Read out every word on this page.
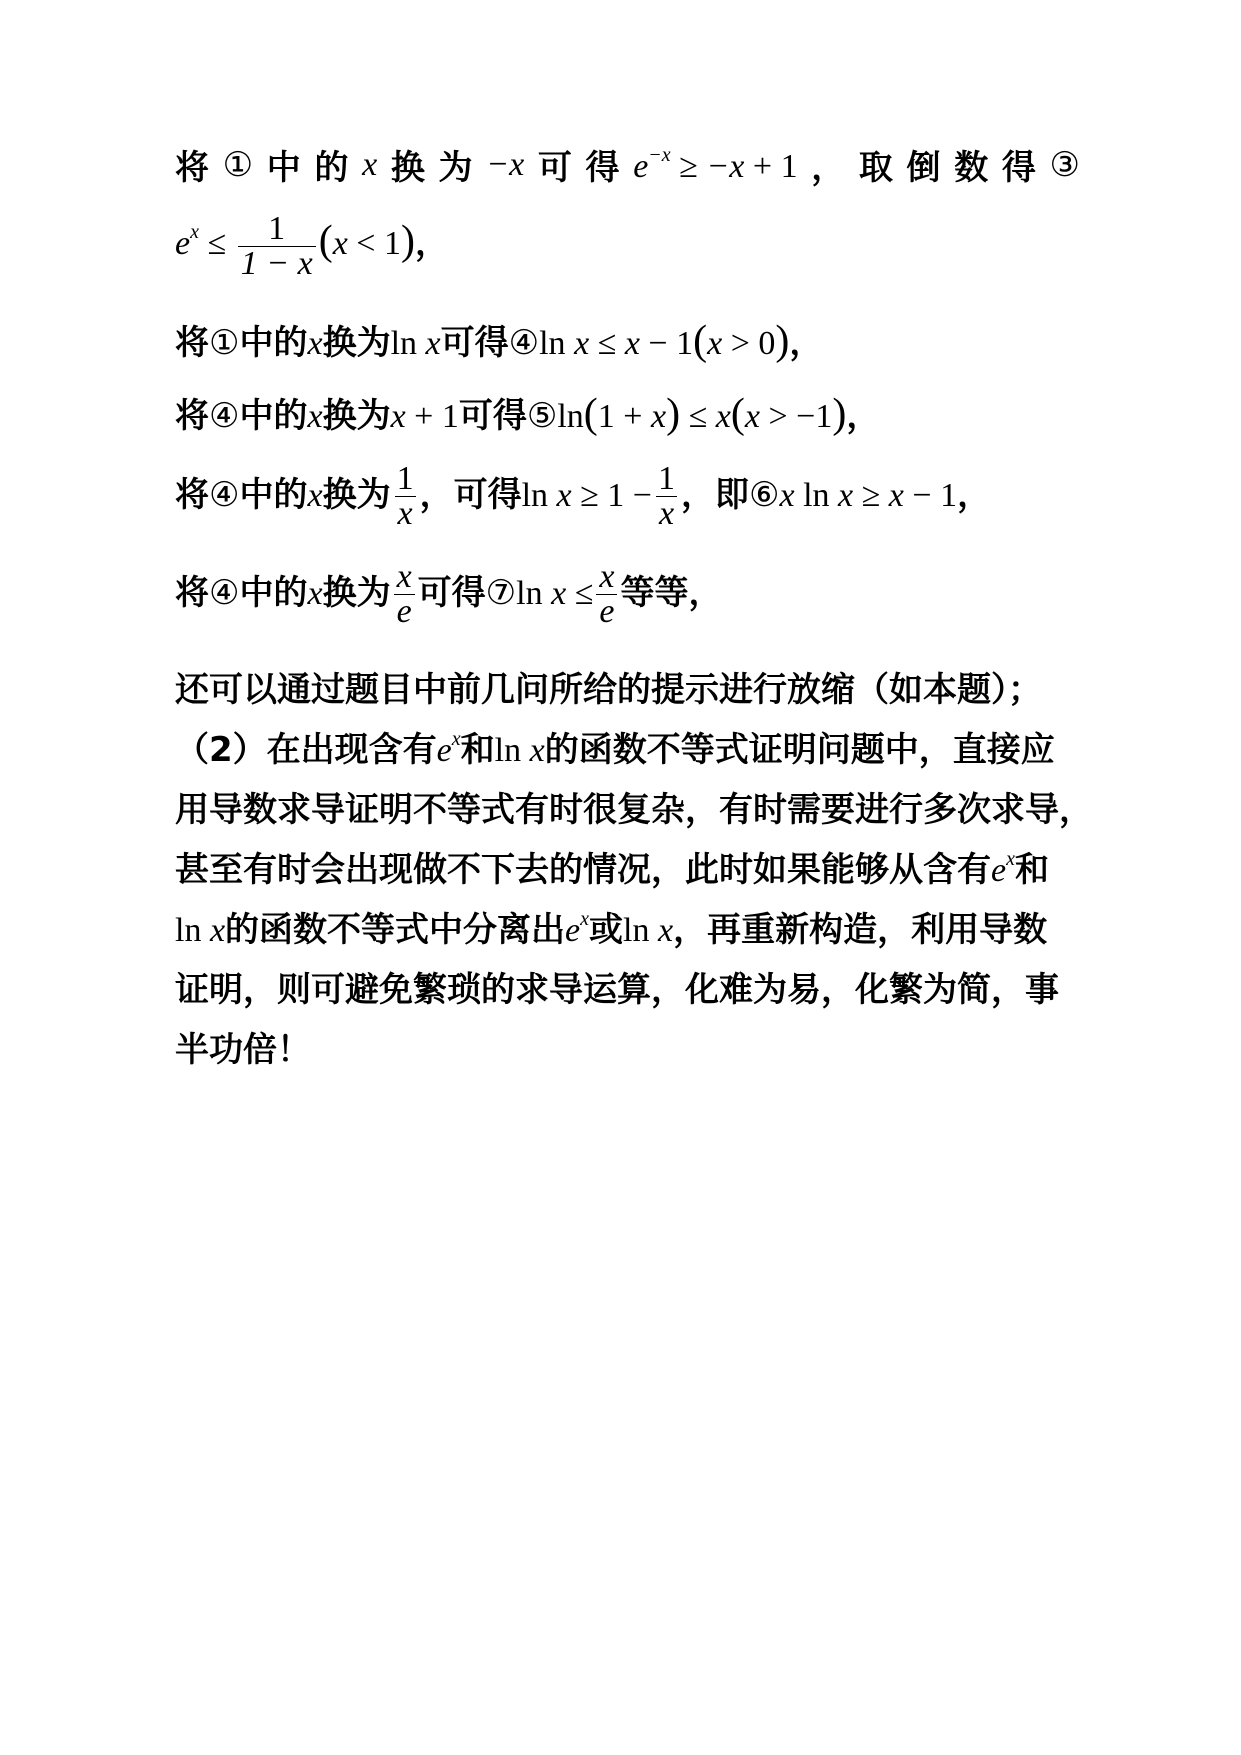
将 ① 中 的 x 换 为 −x 可 得 $e^{-x} \ge -x + 1$ ， 取 倒 数 得 ③
$e^x \le \frac{1}{1 - x} (x < 1)$，
将①中的x换为ln x可得④ln x ≤ x − 1(x > 0)，
将④中的x换为x + 1可得⑤ln(1 + x) ≤ x(x > −1)，
将④中的x换为 $\frac{1}{x}$ ，可得$\ln x \ge 1 - \frac{1}{x}$ ，即⑥x ln x ≥ x − 1，
将④中的x换为 $\frac{x}{e}$ 可得⑦ln $x \le \frac{x}{e}$ 等等，
还可以通过题目中前几问所给的提示进行放缩（如本题）；
（2）在出现含有$e^x$和ln x的函数不等式证明问题中，直接应
用导数求导证明不等式有时很复杂，有时需要进行多次求导，
甚至有时会出现做不下去的情况，此时如果能够从含有$e^x$和
ln x的函数不等式中分离出$e^x$或ln x，再重新构造，利用导数
证明，则可避免繁琐的求导运算，化难为易，化繁为简，事
半功倍！
